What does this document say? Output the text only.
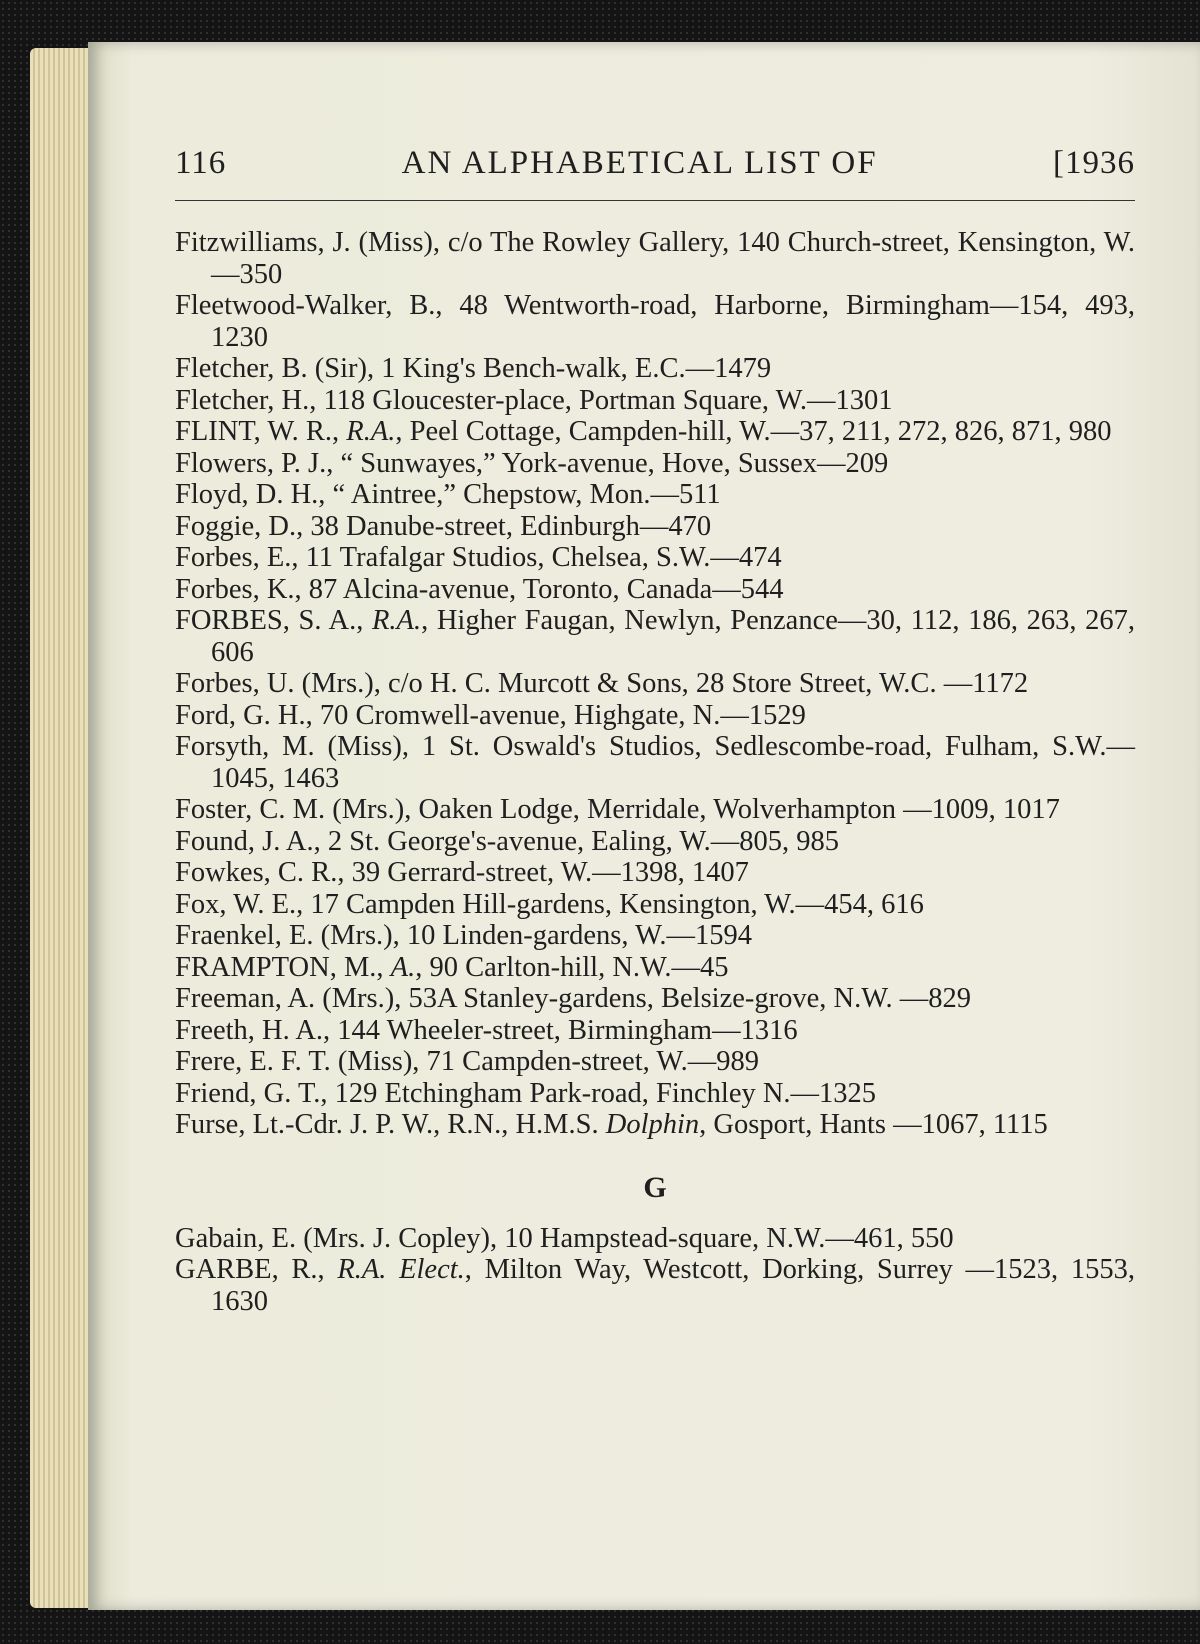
116	AN ALPHABETICAL LIST OF	[1936
Fitzwilliams, J. (Miss), c/o The Rowley Gallery, 140 Church-street, Kensington, W.—350
Fleetwood-Walker, B., 48 Wentworth-road, Harborne, Birmingham—154, 493, 1230
Fletcher, B. (Sir), 1 King's Bench-walk, E.C.—1479
Fletcher, H., 118 Gloucester-place, Portman Square, W.—1301
FLINT, W. R., R.A., Peel Cottage, Campden-hill, W.—37, 211, 272, 826, 871, 980
Flowers, P. J., “ Sunwayes,” York-avenue, Hove, Sussex—209
Floyd, D. H., “ Aintree,” Chepstow, Mon.—511
Foggie, D., 38 Danube-street, Edinburgh—470
Forbes, E., 11 Trafalgar Studios, Chelsea, S.W.—474
Forbes, K., 87 Alcina-avenue, Toronto, Canada—544
FORBES, S. A., R.A., Higher Faugan, Newlyn, Penzance—30, 112, 186, 263, 267, 606
Forbes, U. (Mrs.), c/o H. C. Murcott & Sons, 28 Store Street, W.C. —1172
Ford, G. H., 70 Cromwell-avenue, Highgate, N.—1529
Forsyth, M. (Miss), 1 St. Oswald's Studios, Sedlescombe-road, Fulham, S.W.—1045, 1463
Foster, C. M. (Mrs.), Oaken Lodge, Merridale, Wolverhampton —1009, 1017
Found, J. A., 2 St. George's-avenue, Ealing, W.—805, 985
Fowkes, C. R., 39 Gerrard-street, W.—1398, 1407
Fox, W. E., 17 Campden Hill-gardens, Kensington, W.—454, 616
Fraenkel, E. (Mrs.), 10 Linden-gardens, W.—1594
FRAMPTON, M., A., 90 Carlton-hill, N.W.—45
Freeman, A. (Mrs.), 53A Stanley-gardens, Belsize-grove, N.W. —829
Freeth, H. A., 144 Wheeler-street, Birmingham—1316
Frere, E. F. T. (Miss), 71 Campden-street, W.—989
Friend, G. T., 129 Etchingham Park-road, Finchley N.—1325
Furse, Lt.-Cdr. J. P. W., R.N., H.M.S. Dolphin, Gosport, Hants —1067, 1115
G
Gabain, E. (Mrs. J. Copley), 10 Hampstead-square, N.W.—461, 550
GARBE, R., R.A. Elect., Milton Way, Westcott, Dorking, Surrey —1523, 1553, 1630
